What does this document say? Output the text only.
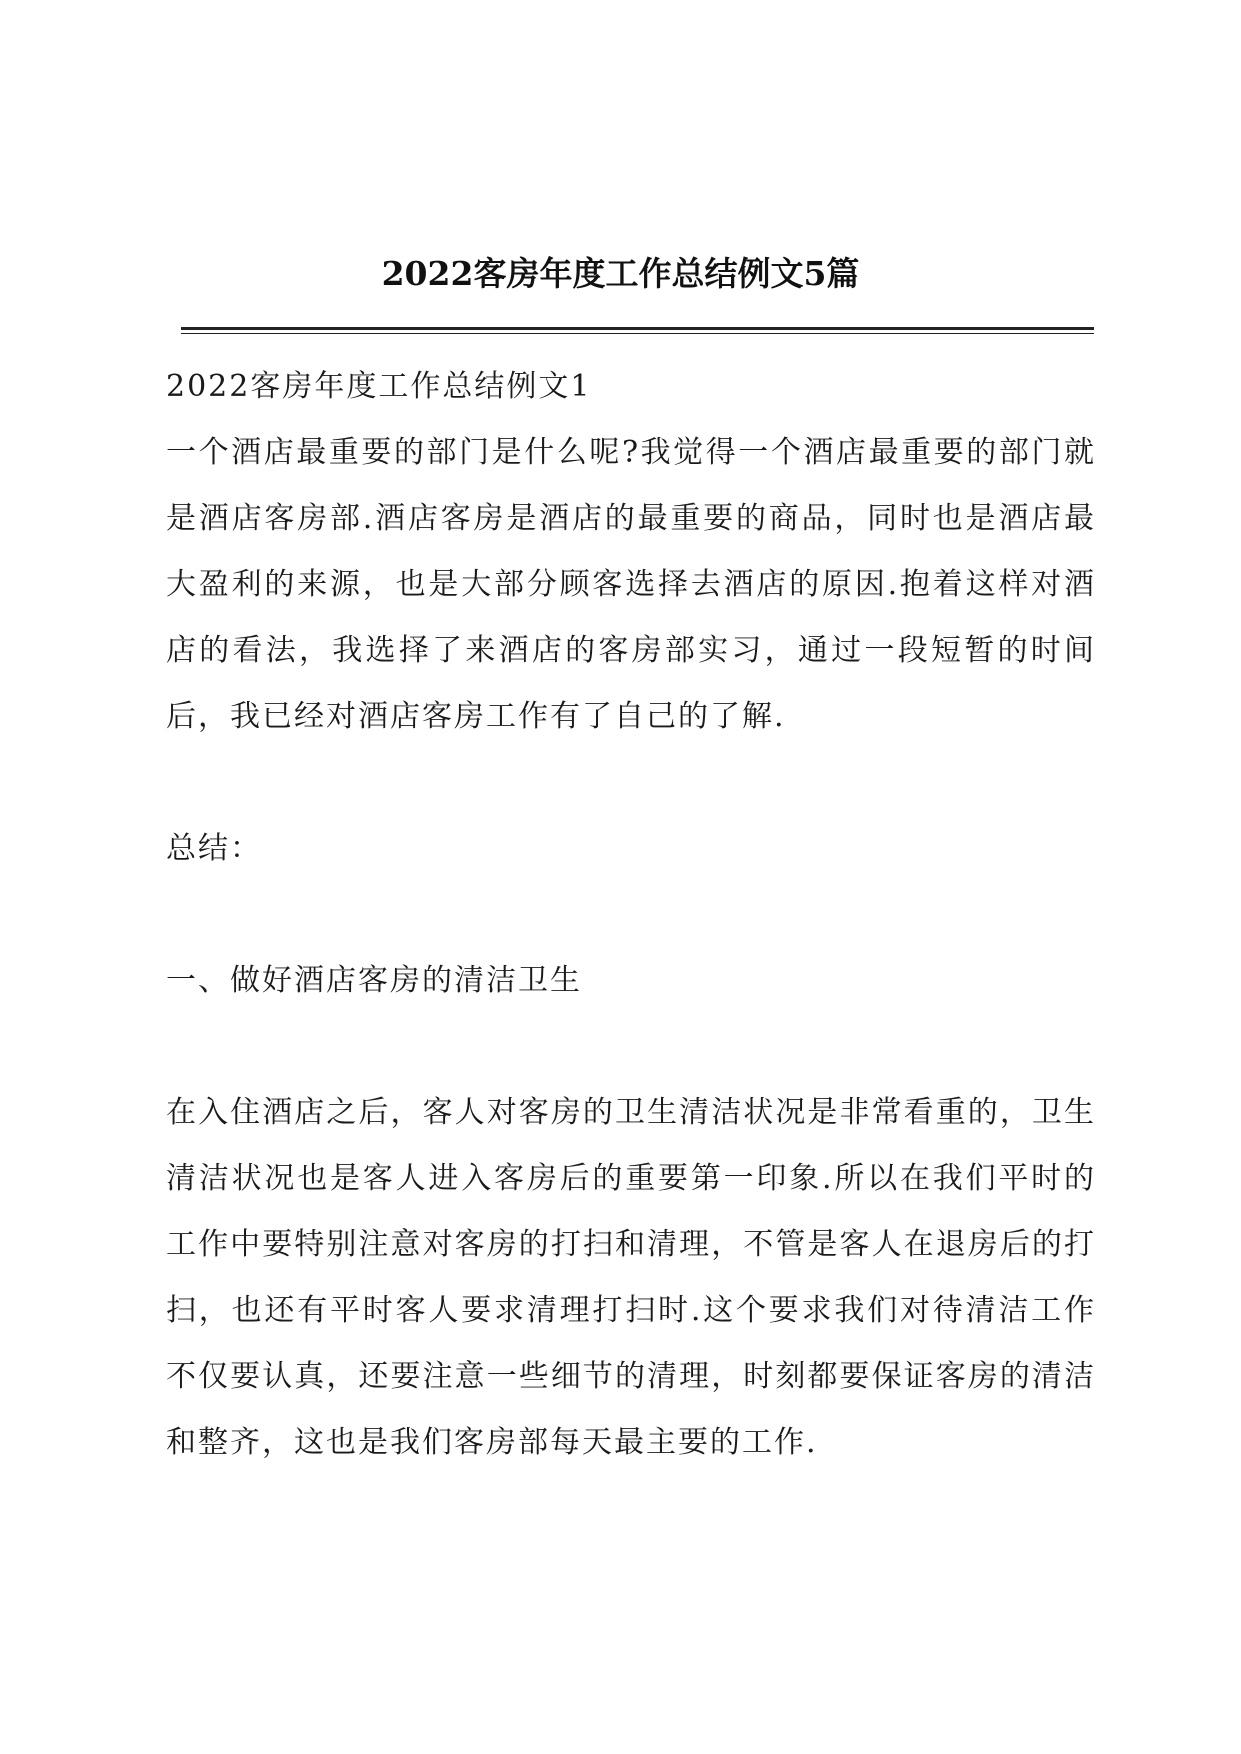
2022客房年度工作总结例文5篇

2022客房年度工作总结例文1

一个酒店最重要的部门是什么呢?我觉得一个酒店最重要的部门就是酒店客房部.酒店客房是酒店的最重要的商品，同时也是酒店最大盈利的来源，也是大部分顾客选择去酒店的原因.抱着这样对酒店的看法，我选择了来酒店的客房部实习，通过一段短暂的时间后，我已经对酒店客房工作有了自己的了解.

总结：

一、做好酒店客房的清洁卫生

在入住酒店之后，客人对客房的卫生清洁状况是非常看重的，卫生清洁状况也是客人进入客房后的重要第一印象.所以在我们平时的工作中要特别注意对客房的打扫和清理，不管是客人在退房后的打扫，也还有平时客人要求清理打扫时.这个要求我们对待清洁工作不仅要认真，还要注意一些细节的清理，时刻都要保证客房的清洁和整齐，这也是我们客房部每天最主要的工作.
